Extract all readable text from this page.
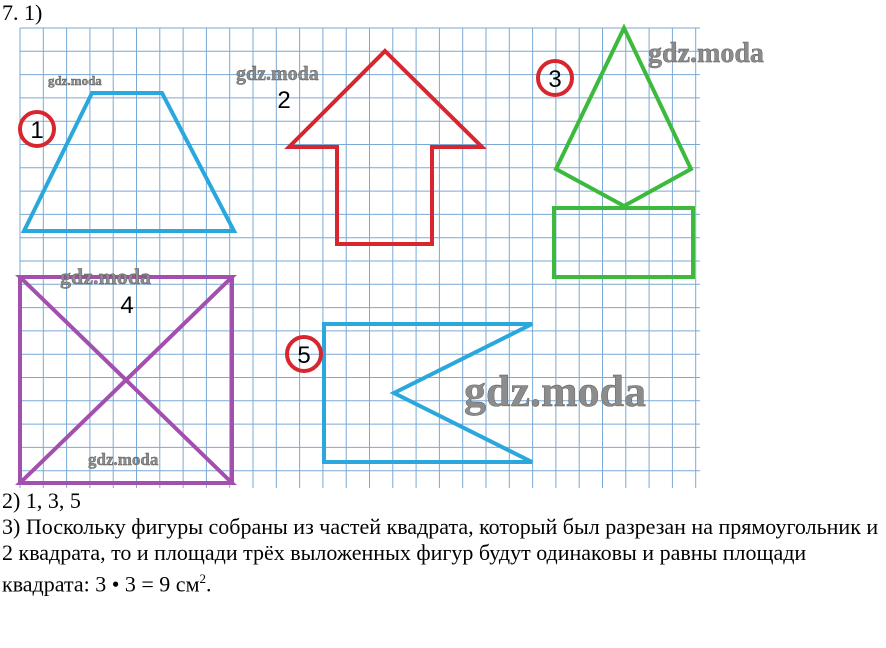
7. 1)
1
2
3
4
5
gdz.moda	gdz.moda
gdz.moda
gdz.moda
gdz.moda
gdz.moda
2) 1, 3, 5
3) Поскольку фигуры собраны из частей квадрата, который был разрезан на прямоугольник и 2 квадрата, то и площади трёх выложенных фигур будут одинаковы и равны площади квадрата: 3 • 3 = 9 $см^2$.
